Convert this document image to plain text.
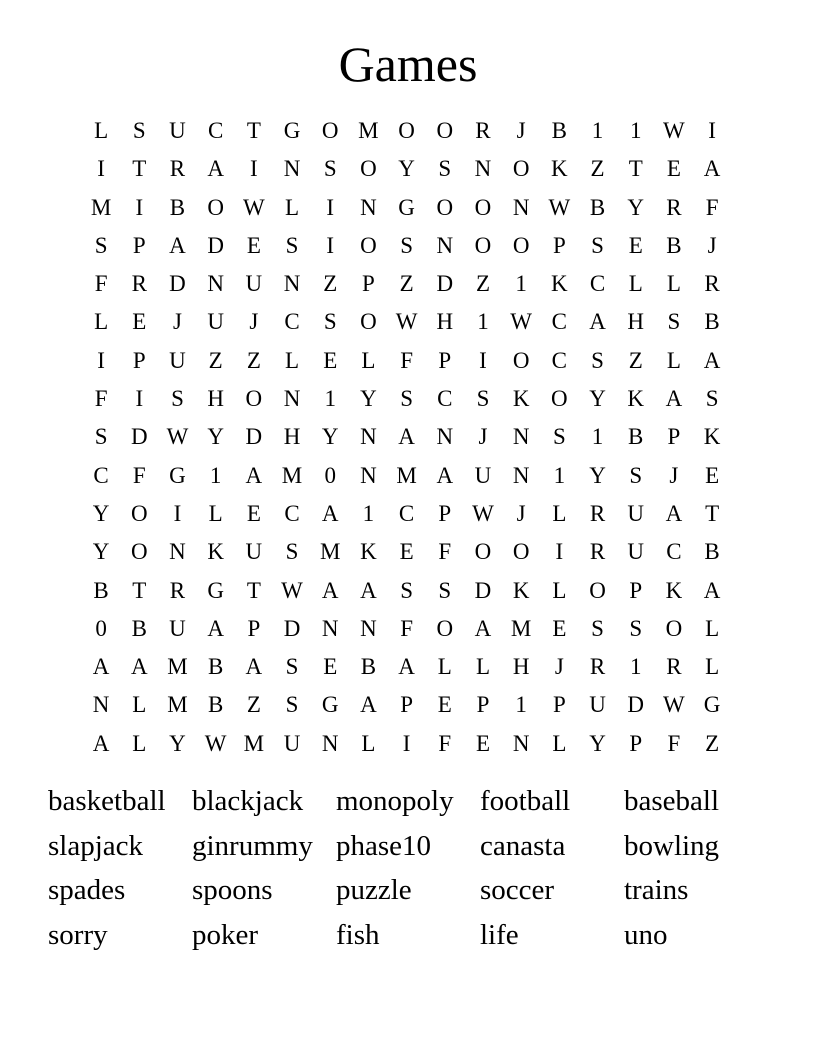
Games
L	S	U C	T G O M O O R	J	B	1	1 W	I
I	T	R A	I	N	S	O Y	S	N O K Z	T	E A
M	I	B O W L	I	N G O O N W B Y R	F
S	P	A D E	S	I	O	S	N O O	P	S	E	B	J
F	R D N U N Z	P	Z D Z	1	K C	L	L	R
L	E	J	U	J	C	S	O W H	1 W C A H	S	B
I	P	U Z	Z	L	E	L	F	P	I	O C	S	Z	L A
F	I	S	H O N	1	Y	S	C	S	K O Y K A	S
S	D W Y D H Y N A N	J	N	S	1	B	P	K
C	F	G	1	A M 0	N M A U N	1	Y	S	J	E
Y O	I	L	E	C A	1	C	P W J	L	R U A T
Y O N K U	S M K E	F	O O	I	R U C B
B	T	R G T W A A	S	S	D K L O	P	K A
0	B U A	P	D N N	F	O A M E	S	S	O L
A A M B A	S	E	B A L	L H	J	R	1	R	L
N L M B	Z	S	G A	P	E	P	1	P	U D W G
A L Y W M U N L	I	F	E N L Y	P	F	Z
basketball blackjack	monopoly football	baseball
slapjack	ginrummy phase10	canasta	bowling
spades	spoons	puzzle	soccer	trains
sorry	poker	fish	life	uno
